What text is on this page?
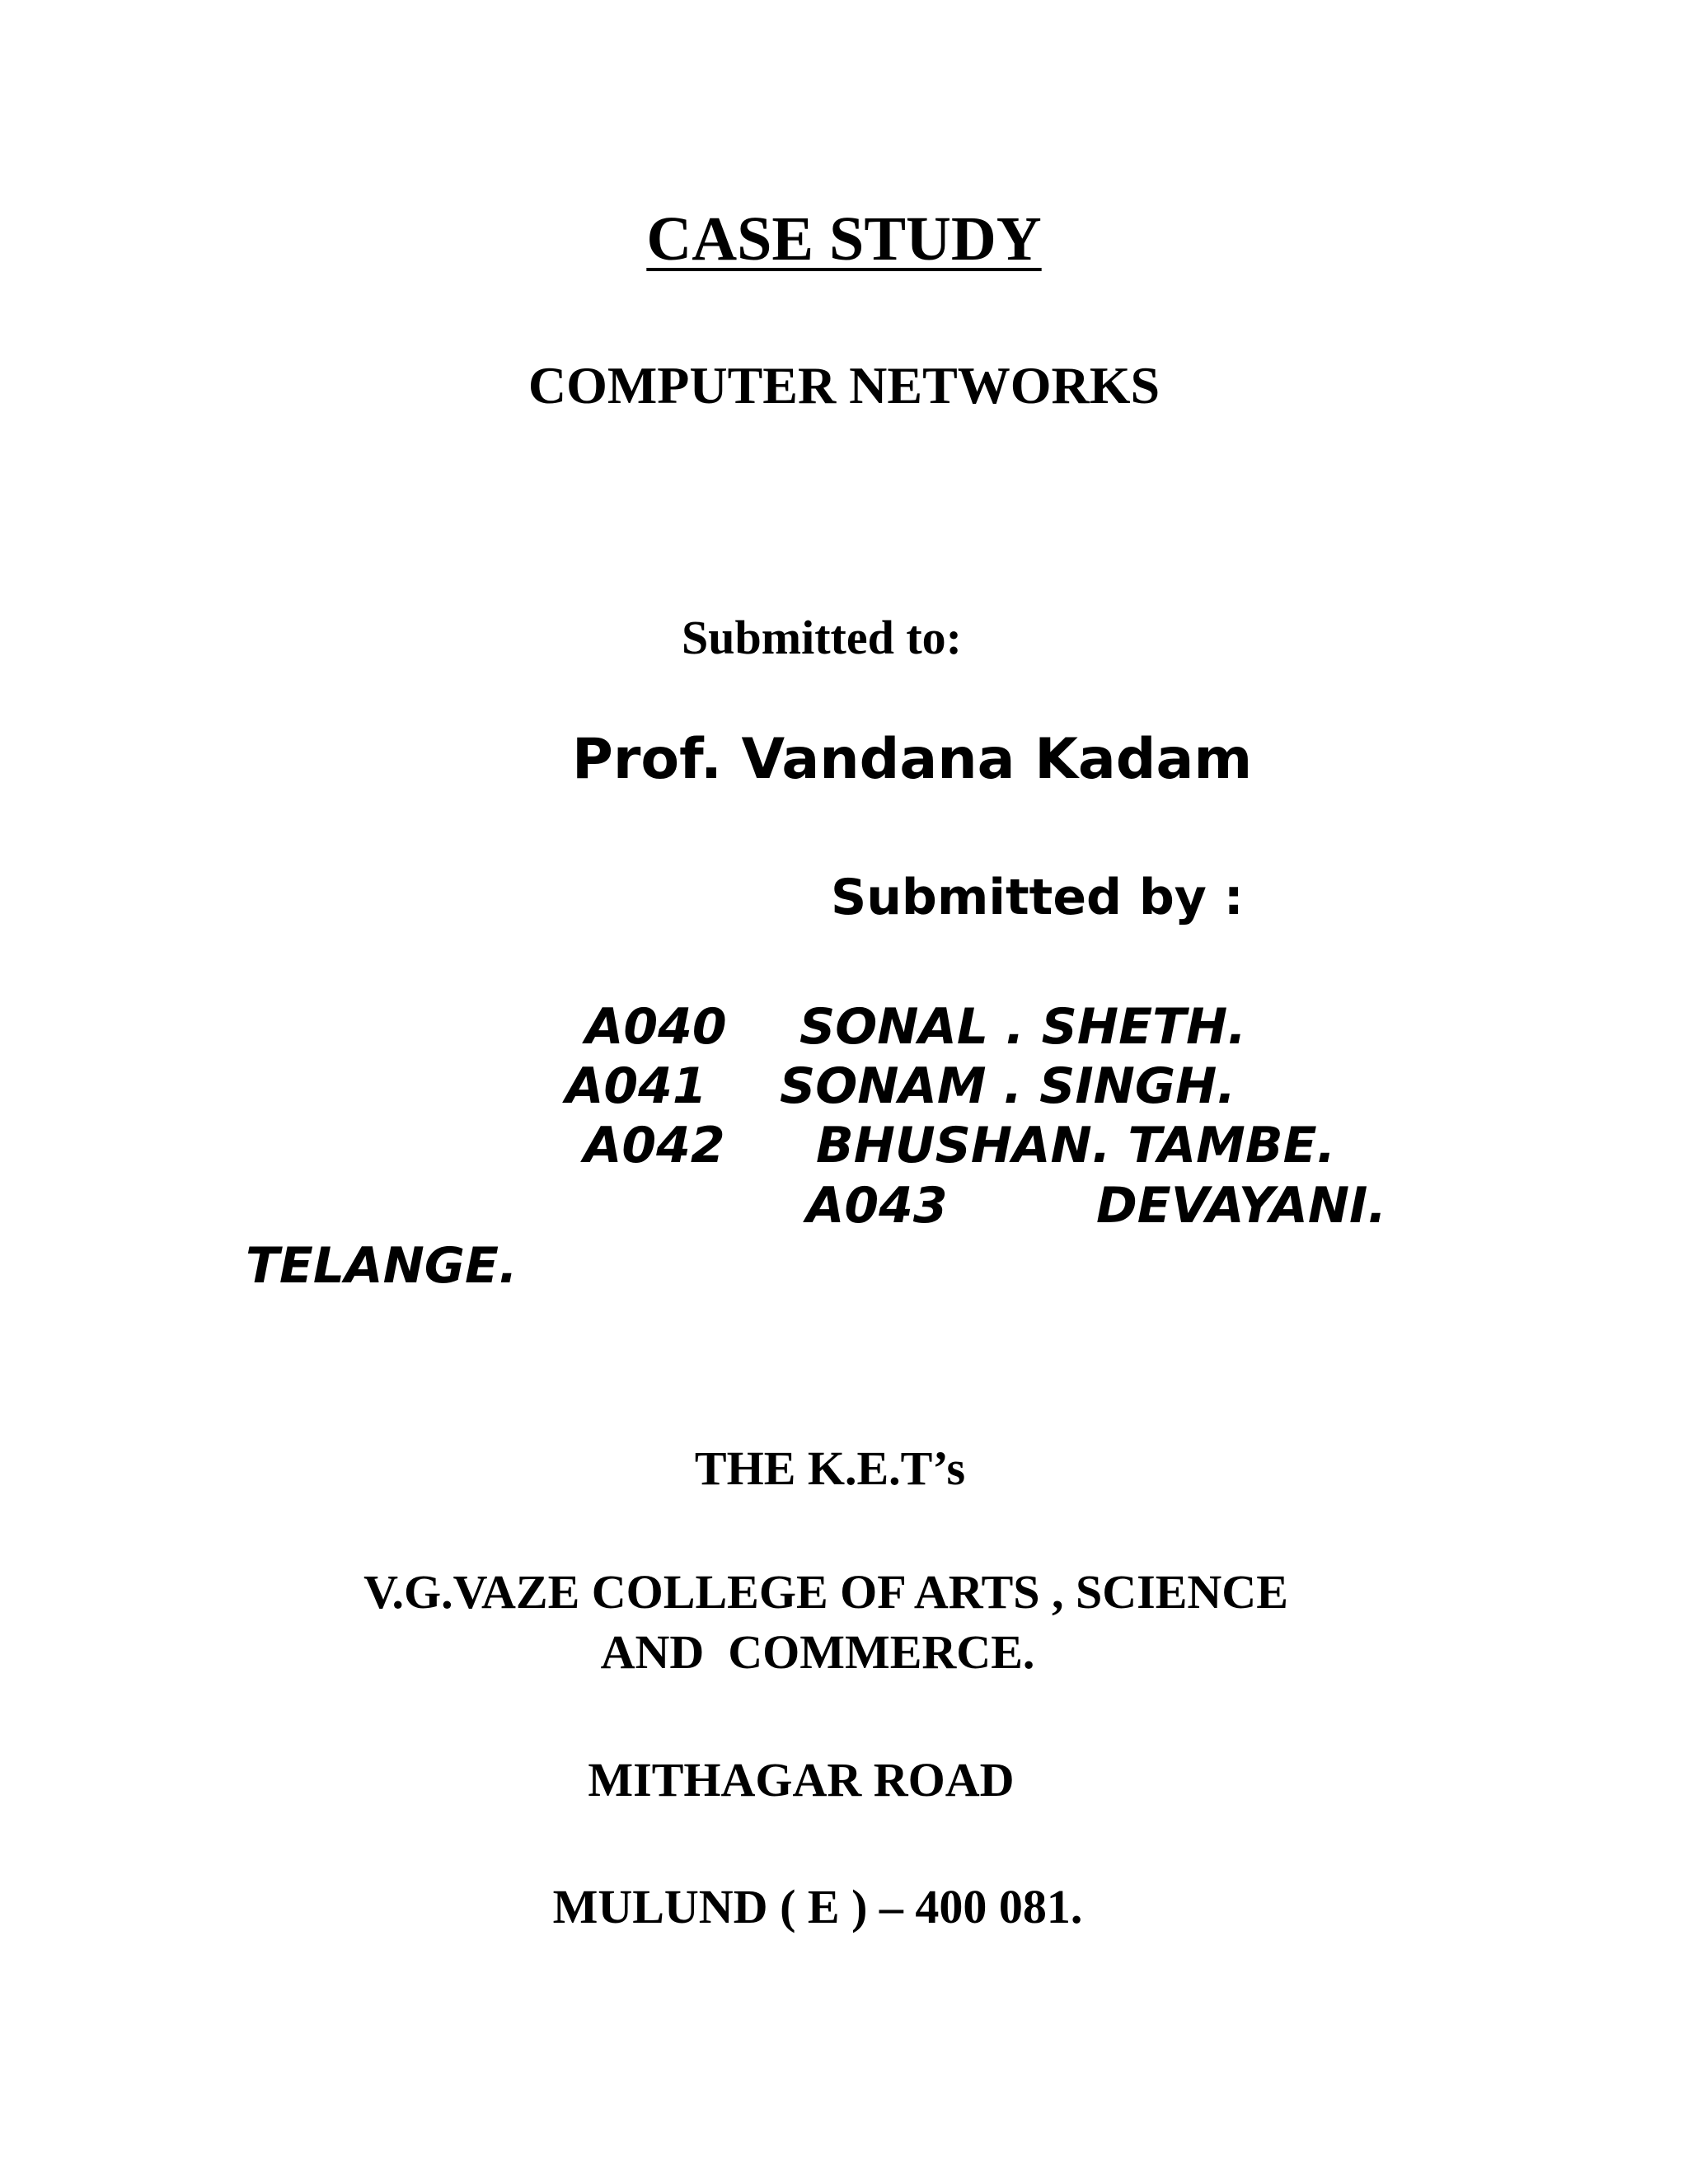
CASE STUDY
COMPUTER NETWORKS
Submitted to:
Prof. Vandana Kadam
Submitted by :

A040

SONAL . SHETH.

A041

SONAM . SINGH.

A042

BHUSHAN. TAMBE.

A043

	DEVAYANI.

TELANGE.

THE K.E.T’s
V.G.VAZE COLLEGE OF ARTS , SCIENCE
AND  COMMERCE.
MITHAGAR ROAD
MULUND ( E ) – 400 081.
